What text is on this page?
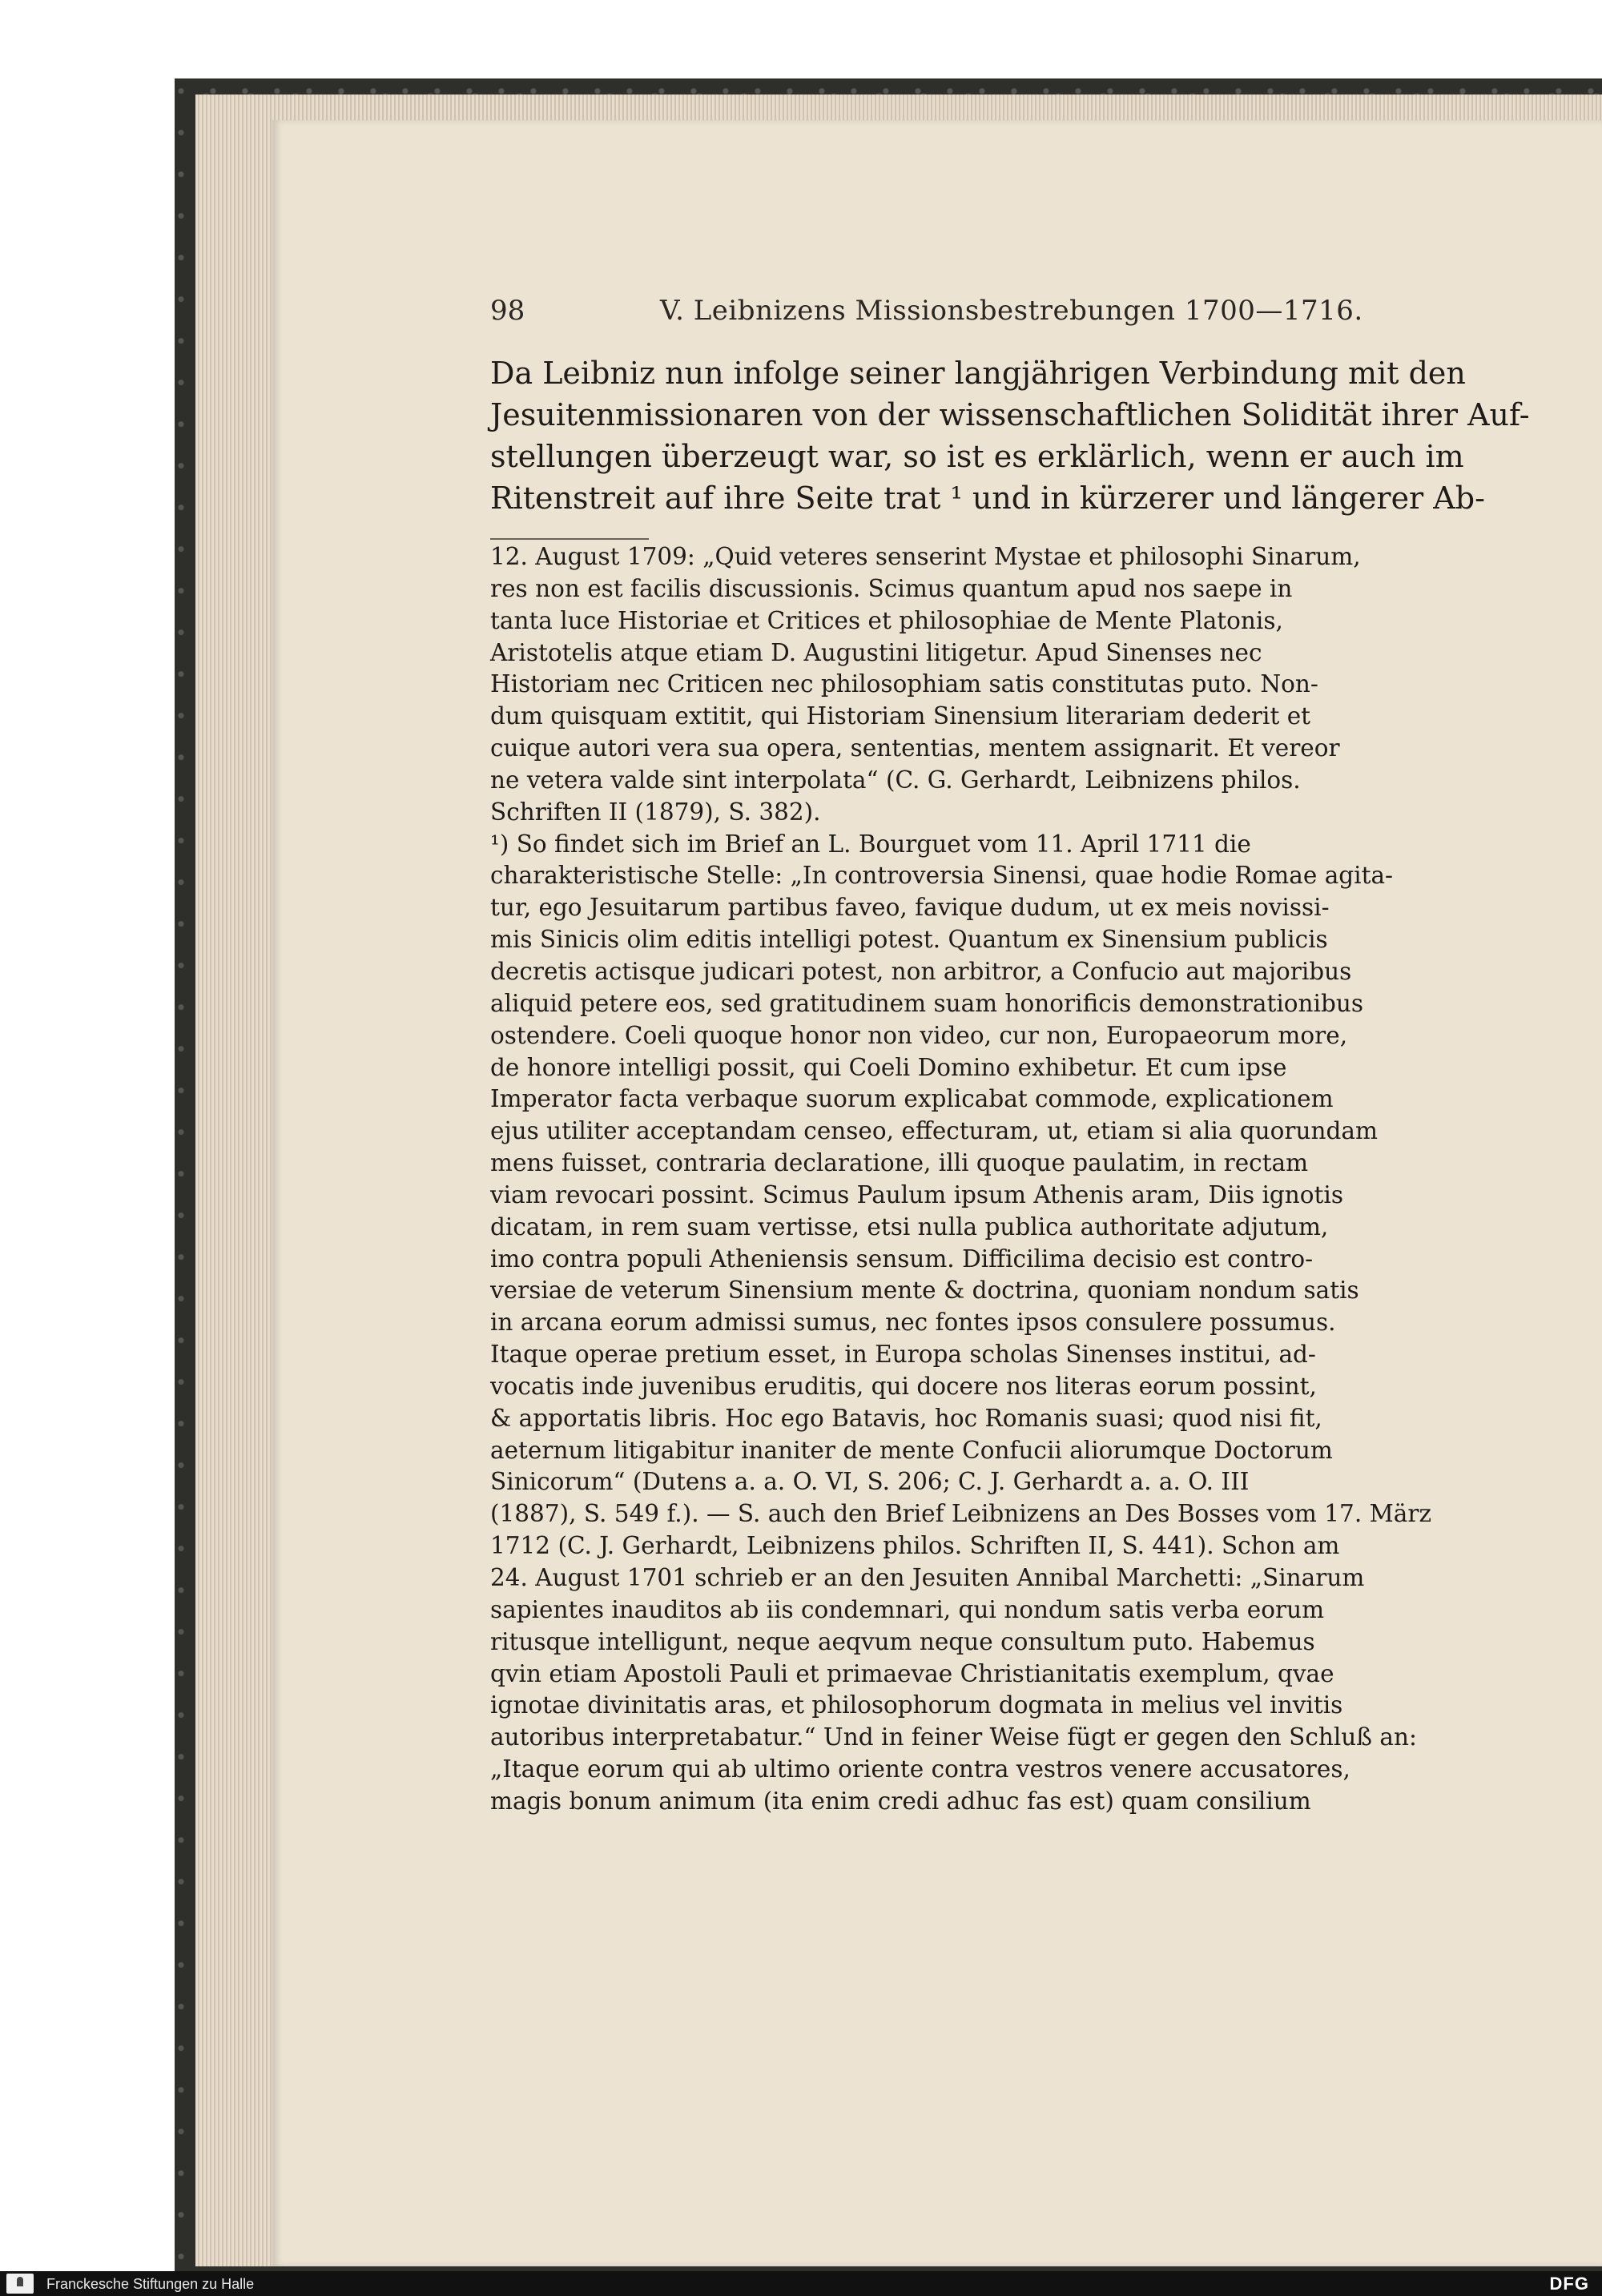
98	V. Leibnizens Missionsbestrebungen 1700—1716.
Da Leibniz nun infolge seiner langjährigen Verbindung mit den
Jesuitenmissionaren von der wissenschaftlichen Solidität ihrer Auf-
stellungen überzeugt war, so ist es erklärlich, wenn er auch im
Ritenstreit auf ihre Seite trat ¹ und in kürzerer und längerer Ab-
12. August 1709: „Quid veteres senserint Mystae et philosophi Sinarum,
res non est facilis discussionis. Scimus quantum apud nos saepe in
tanta luce Historiae et Critices et philosophiae de Mente Platonis,
Aristotelis atque etiam D. Augustini litigetur. Apud Sinenses nec
Historiam nec Criticen nec philosophiam satis constitutas puto. Non-
dum quisquam extitit, qui Historiam Sinensium literariam dederit et
cuique autori vera sua opera, sententias, mentem assignarit. Et vereor
ne vetera valde sint interpolata“ (C. G. Gerhardt, Leibnizens philos.
Schriften II (1879), S. 382).
¹) So findet sich im Brief an L. Bourguet vom 11. April 1711 die
charakteristische Stelle: „In controversia Sinensi, quae hodie Romae agita-
tur, ego Jesuitarum partibus faveo, favique dudum, ut ex meis novissi-
mis Sinicis olim editis intelligi potest. Quantum ex Sinensium publicis
decretis actisque judicari potest, non arbitror, a Confucio aut majoribus
aliquid petere eos, sed gratitudinem suam honorificis demonstrationibus
ostendere. Coeli quoque honor non video, cur non, Europaeorum more,
de honore intelligi possit, qui Coeli Domino exhibetur. Et cum ipse
Imperator facta verbaque suorum explicabat commode, explicationem
ejus utiliter acceptandam censeo, effecturam, ut, etiam si alia quorundam
mens fuisset, contraria declaratione, illi quoque paulatim, in rectam
viam revocari possint. Scimus Paulum ipsum Athenis aram, Diis ignotis
dicatam, in rem suam vertisse, etsi nulla publica authoritate adjutum,
imo contra populi Atheniensis sensum. Difficilima decisio est contro-
versiae de veterum Sinensium mente & doctrina, quoniam nondum satis
in arcana eorum admissi sumus, nec fontes ipsos consulere possumus.
Itaque operae pretium esset, in Europa scholas Sinenses institui, ad-
vocatis inde juvenibus eruditis, qui docere nos literas eorum possint,
& apportatis libris. Hoc ego Batavis, hoc Romanis suasi; quod nisi fit,
aeternum litigabitur inaniter de mente Confucii aliorumque Doctorum
Sinicorum“ (Dutens a. a. O. VI, S. 206; C. J. Gerhardt a. a. O. III
(1887), S. 549 f.). — S. auch den Brief Leibnizens an Des Bosses vom 17. März
1712 (C. J. Gerhardt, Leibnizens philos. Schriften II, S. 441). Schon am
24. August 1701 schrieb er an den Jesuiten Annibal Marchetti: „Sinarum
sapientes inauditos ab iis condemnari, qui nondum satis verba eorum
ritusque intelligunt, neque aeqvum neque consultum puto. Habemus
qvin etiam Apostoli Pauli et primaevae Christianitatis exemplum, qvae
ignotae divinitatis aras, et philosophorum dogmata in melius vel invitis
autoribus interpretabatur.“ Und in feiner Weise fügt er gegen den Schluß an:
„Itaque eorum qui ab ultimo oriente contra vestros venere accusatores,
magis bonum animum (ita enim credi adhuc fas est) quam consilium
Franckesche Stiftungen zu Halle	DFG
